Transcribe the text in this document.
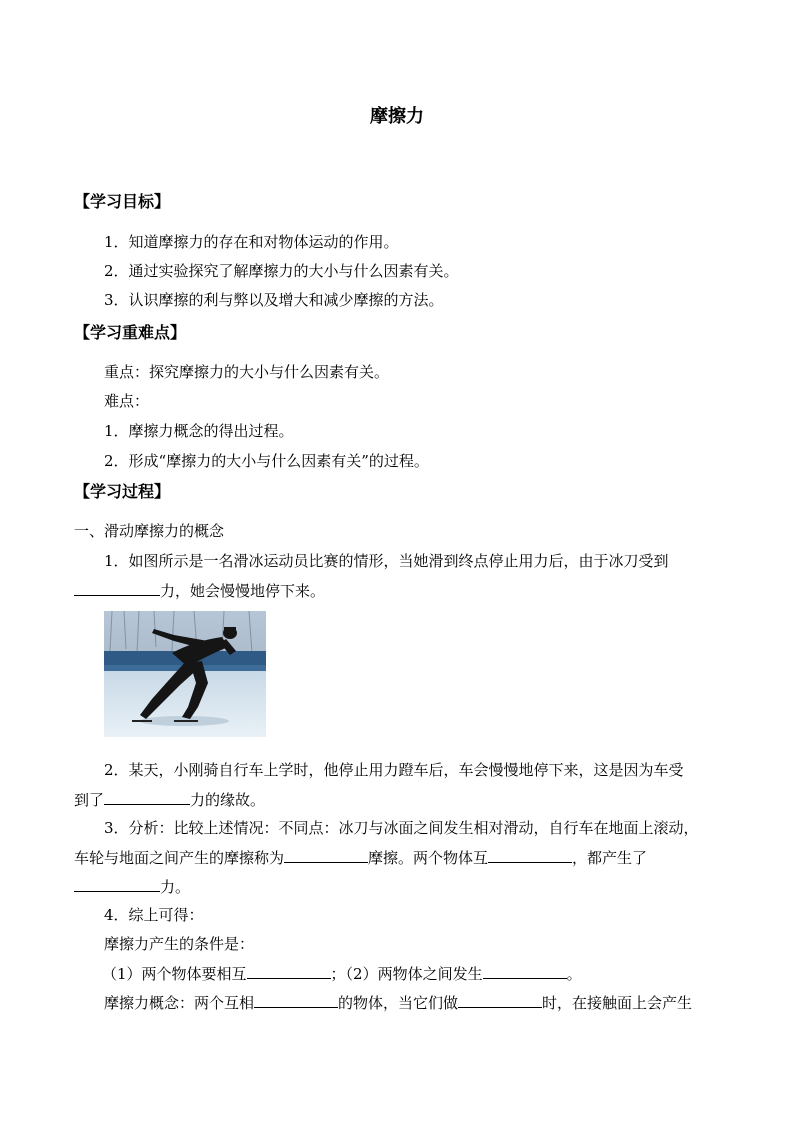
摩擦力
【学习目标】
1．知道摩擦力的存在和对物体运动的作用。
2．通过实验探究了解摩擦力的大小与什么因素有关。
3．认识摩擦的利与弊以及增大和减少摩擦的方法。
【学习重难点】
重点：探究摩擦力的大小与什么因素有关。
难点：
1．摩擦力概念的得出过程。
2．形成“摩擦力的大小与什么因素有关”的过程。
【学习过程】
一、滑动摩擦力的概念
1．如图所示是一名滑冰运动员比赛的情形，当她滑到终点停止用力后，由于冰刀受到
力，她会慢慢地停下来。
2．某天，小刚骑自行车上学时，他停止用力蹬车后，车会慢慢地停下来，这是因为车受
到了	力的缘故。
3．分析：比较上述情况：不同点：冰刀与冰面之间发生相对滑动，自行车在地面上滚动，
车轮与地面之间产生的摩擦称为	摩擦。两个物体互	，都产生了
力。
4．综上可得：
摩擦力产生的条件是：
（1）两个物体要相互	；（2）两物体之间发生	。
摩擦力概念：两个互相	的物体，当它们做	时，在接触面上会产生
